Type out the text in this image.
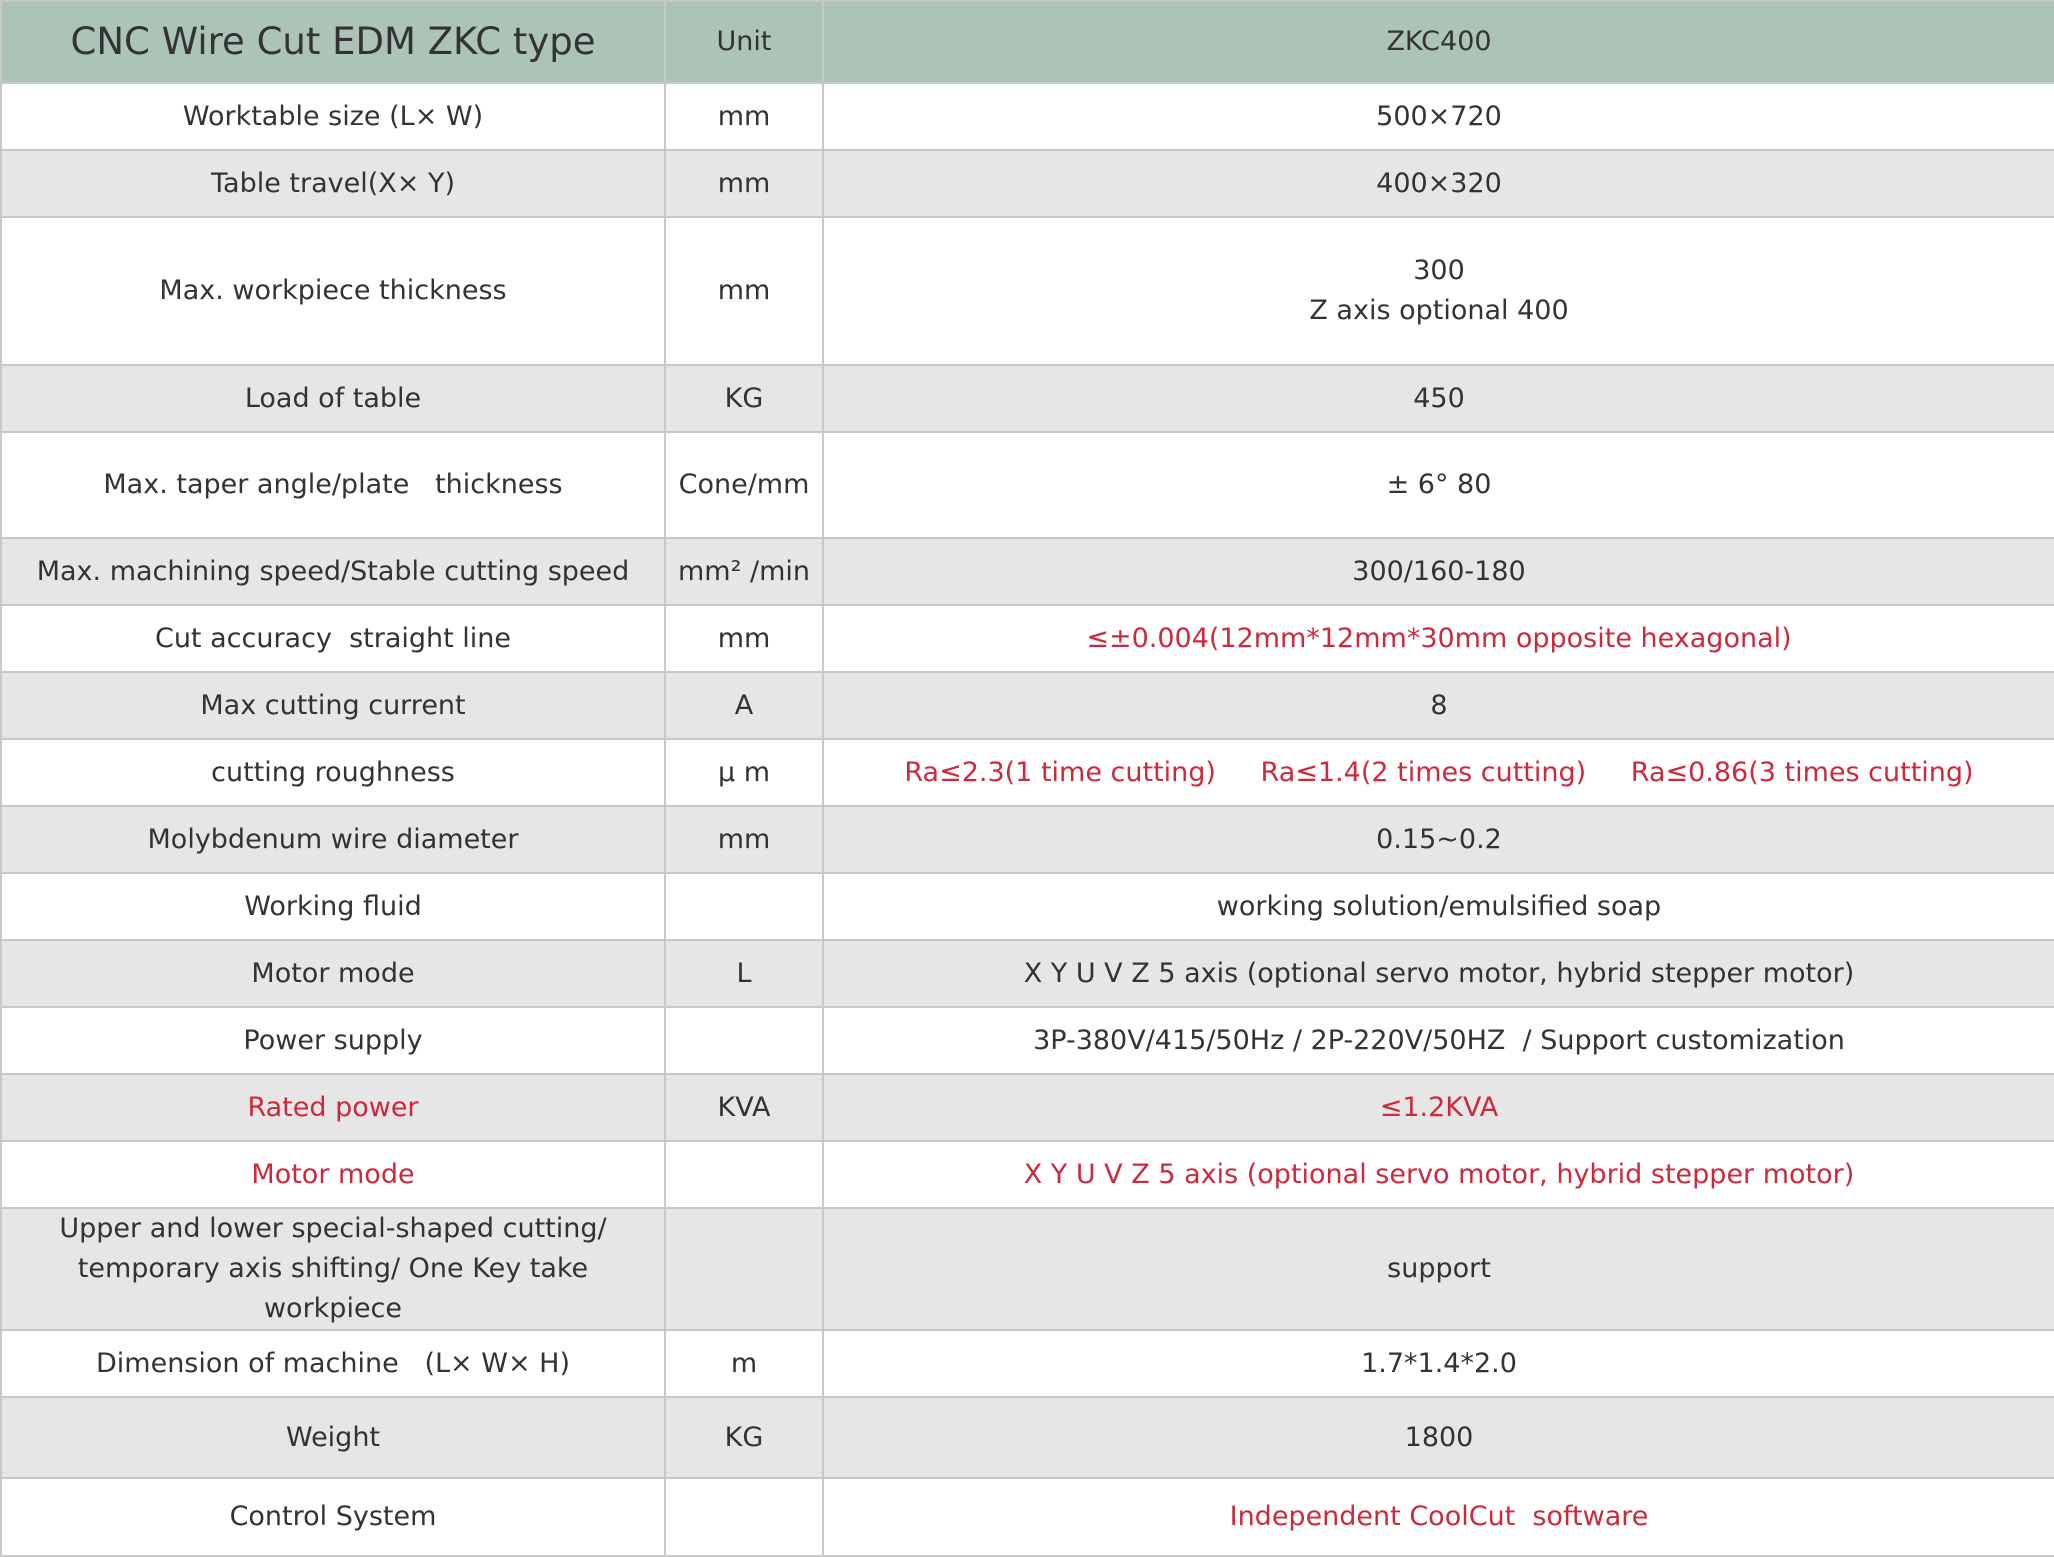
CNC Wire Cut EDM ZKC type	Unit	ZKC400
Worktable size (L× W)	mm	500×720
Table travel(X× Y)	mm	400×320
Max. workpiece thickness	mm	300
Z axis optional 400

Load of table	KG	450
Max. taper angle/plate   thickness	Cone/mm	± 6° 80
Max. machining speed/Stable cutting speed	mm² /min	300/160-180
Cut accuracy  straight line	mm	≤±0.004(12mm*12mm*30mm opposite hexagonal)
Max cutting current	A	8
cutting roughness	μ m	Ra≤2.3(1 time cutting) Ra≤1.4(2 times cutting) Ra≤0.86(3 times cutting)
Molybdenum wire diameter	mm	0.15~0.2
Working fluid		working solution/emulsified soap
Motor mode	L	X Y U V Z 5 axis (optional servo motor, hybrid stepper motor)
Power supply		3P-380V/415/50Hz / 2P-220V/50HZ  / Support customization
Rated power	KVA	≤1.2KVA
Motor mode		X Y U V Z 5 axis (optional servo motor, hybrid stepper motor)

Upper and lower special-shaped cutting/
temporary axis shifting/ One Key take workpiece		support
Dimension of machine   (L× W× H)	m	1.7*1.4*2.0
Weight	KG	1800
Control System		Independent CoolCut  software
